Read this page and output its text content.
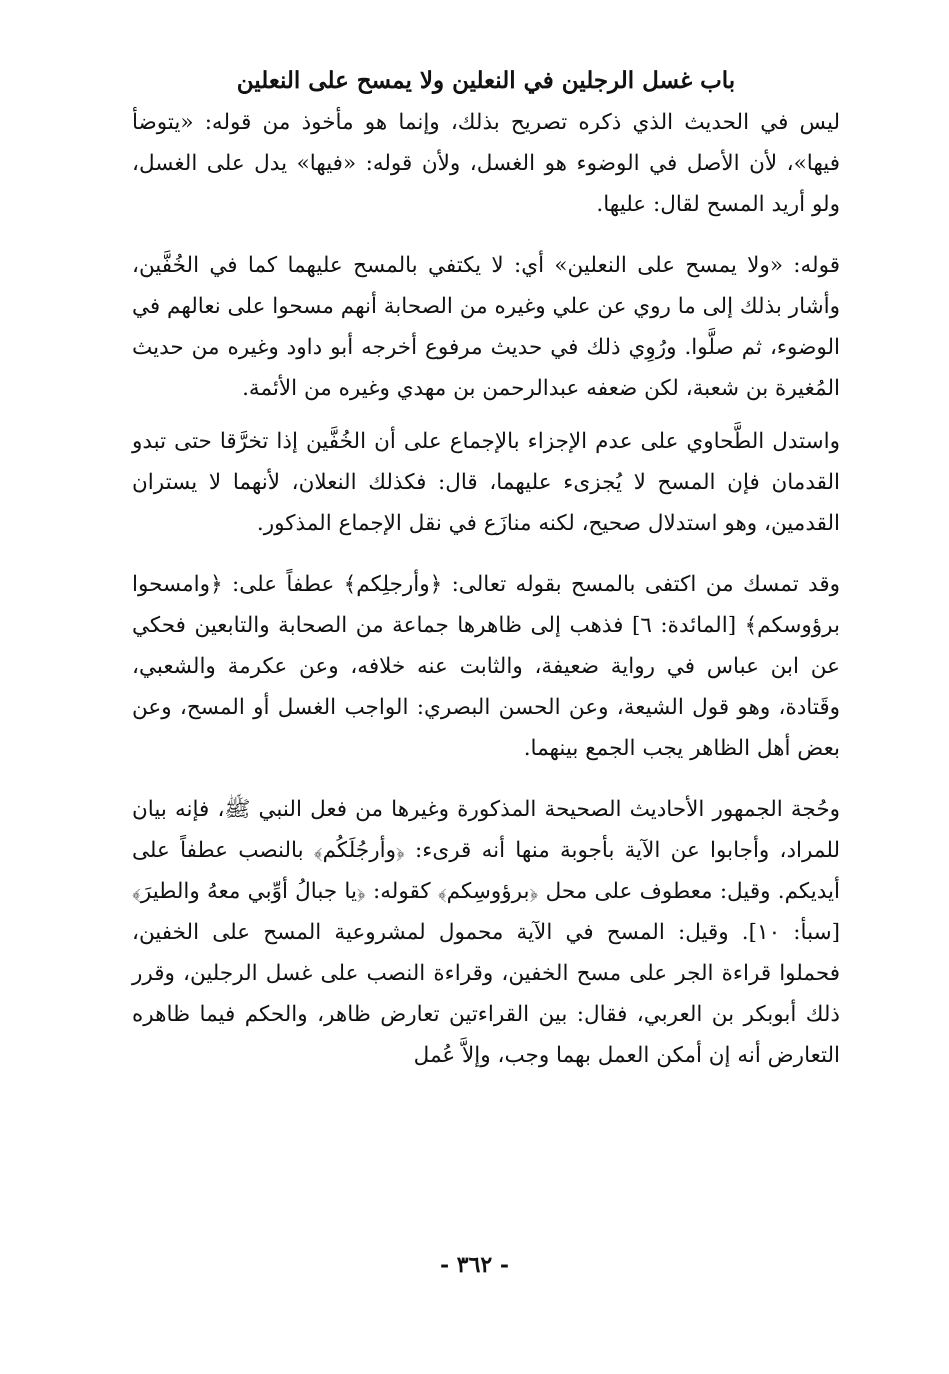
باب غسل الرجلين في النعلين ولا يمسح على النعلين

ليس في الحديث الذي ذكره تصريح بذلك، وإنما هو مأخوذ من قوله: «يتوضأ فيها»، لأن الأصل في الوضوء هو الغسل، ولأن قوله: «فيها» يدل على الغسل، ولو أريد المسح لقال: عليها.

قوله: «ولا يمسح على النعلين» أي: لا يكتفي بالمسح عليهما كما في الخُفَّين، وأشار بذلك إلى ما روي عن علي وغيره من الصحابة أنهم مسحوا على نعالهم في الوضوء، ثم صلَّوا. ورُوِي ذلك في حديث مرفوع أخرجه أبو داود وغيره من حديث المُغيرة بن شعبة، لكن ضعفه عبدالرحمن بن مهدي وغيره من الأئمة.

واستدل الطَّحاوي على عدم الإجزاء بالإجماع على أن الخُفَّين إذا تخرَّقا حتى تبدو القدمان فإن المسح لا يُجزىء عليهما، قال: فكذلك النعلان، لأنهما لا يستران القدمين، وهو استدلال صحيح، لكنه منازَع في نقل الإجماع المذكور.

وقد تمسك من اكتفى بالمسح بقوله تعالى: ﴿وأرجلِكم﴾ عطفاً على: ﴿وامسحوا برؤوسكم﴾ [المائدة: ٦] فذهب إلى ظاهرها جماعة من الصحابة والتابعين فحكي عن ابن عباس في رواية ضعيفة، والثابت عنه خلافه، وعن عكرمة والشعبي، وقَتادة، وهو قول الشيعة، وعن الحسن البصري: الواجب الغسل أو المسح، وعن بعض أهل الظاهر يجب الجمع بينهما.

وحُجة الجمهور الأحاديث الصحيحة المذكورة وغيرها من فعل النبي ﷺ، فإنه بيان للمراد، وأجابوا عن الآية بأجوبة منها أنه قرىء: ﴿وأرجُلَكُم﴾ بالنصب عطفاً على أيديكم. وقيل: معطوف على محل ﴿برؤوسِكم﴾ كقوله: ﴿يا جبالُ أوِّبي معهُ والطيرَ﴾ [سبأ: ١٠]. وقيل: المسح في الآية محمول لمشروعية المسح على الخفين، فحملوا قراءة الجر على مسح الخفين، وقراءة النصب على غسل الرجلين، وقرر ذلك أبوبكر بن العربي، فقال: بين القراءتين تعارض ظاهر، والحكم فيما ظاهره التعارض أنه إن أمكن العمل بهما وجب، وإلاَّ عُمل

- ٣٦٢ -
